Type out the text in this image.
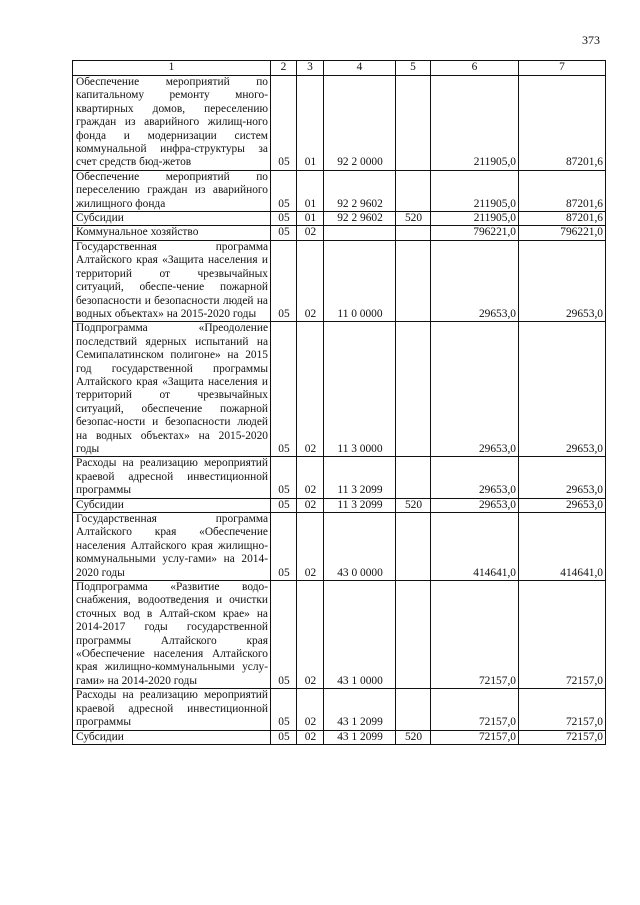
373
1	2	3	4	5	6	7
Обеспечение мероприятий по капитальному ремонту много-квартирных домов, переселению граждан из аварийного жилищ-ного фонда и модернизации систем коммунальной инфра-структуры за счет средств бюд-жетов	05	01	92 2 0000		211905,0	87201,6
Обеспечение мероприятий по переселению граждан из аварийного жилищного фонда	05	01	92 2 9602		211905,0	87201,6
Субсидии	05	01	92 2 9602	520	211905,0	87201,6
Коммунальное хозяйство	05	02			796221,0	796221,0
Государственная программа Алтайского края «Защита населения и территорий от чрезвычайных ситуаций, обеспе-чение пожарной безопасности и безопасности людей на водных объектах» на 2015-2020 годы	05	02	11 0 0000		29653,0	29653,0
Подпрограмма «Преодоление последствий ядерных испытаний на Семипалатинском полигоне» на 2015 год государственной программы Алтайского края «Защита населения и территорий от чрезвычайных ситуаций, обеспечение пожарной безопас-ности и безопасности людей на водных объектах» на 2015-2020 годы	05	02	11 3 0000		29653,0	29653,0
Расходы на реализацию мероприятий краевой адресной инвестиционной программы	05	02	11 3 2099		29653,0	29653,0
Субсидии	05	02	11 3 2099	520	29653,0	29653,0
Государственная программа Алтайского края «Обеспечение населения Алтайского края жилищно-коммунальными услу-гами» на 2014-2020 годы	05	02	43 0 0000		414641,0	414641,0
Подпрограмма «Развитие водо-снабжения, водоотведения и очистки сточных вод в Алтай-ском крае» на 2014-2017 годы государственной программы Алтайского края «Обеспечение населения Алтайского края жилищно-коммунальными услу-гами» на 2014-2020 годы	05	02	43 1 0000		72157,0	72157,0
Расходы на реализацию мероприятий краевой адресной инвестиционной программы	05	02	43 1 2099		72157,0	72157,0
Субсидии	05	02	43 1 2099	520	72157,0	72157,0
